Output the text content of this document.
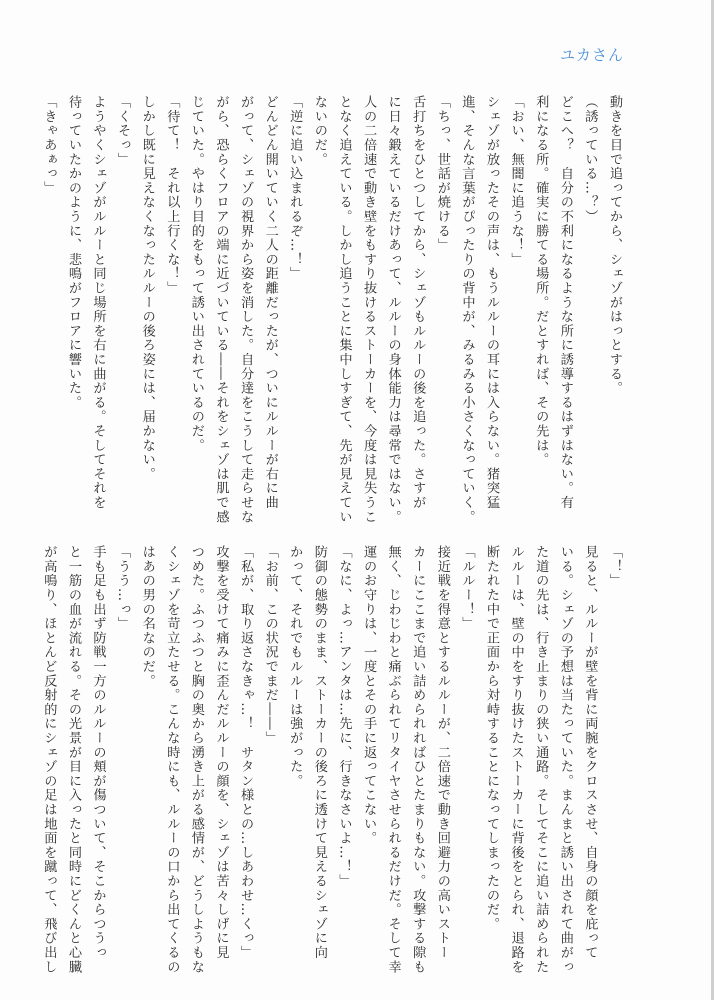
ユカさん
動きを目で追ってから、シェゾがはっとする。
（誘っている…？）
どこへ？　自分の不利になるような所に誘導するはずはない。有
利になる所。確実に勝てる場所。だとすれば、その先は。
「おい、無闇に追うな！」
シェゾが放ったその声は、もうルルーの耳には入らない。猪突猛
進、そんな言葉がぴったりの背中が、みるみる小さくなっていく。
「ちっ、世話が焼ける」
舌打ちをひとつしてから、シェゾもルルーの後を追った。さすが
に日々鍛えているだけあって、ルルーの身体能力は尋常ではない。
人の二倍速で動き壁をもすり抜けるストーカーを、今度は見失うこ
となく追えている。しかし追うことに集中しすぎて、先が見えてい
ないのだ。
「逆に追い込まれるぞ…！」
どんどん開いていく二人の距離だったが、ついにルルーが右に曲
がって、シェゾの視界から姿を消した。自分達をこうして走らせな
がら、恐らくフロアの端に近づいている――それをシェゾは肌で感
じていた。やはり目的をもって誘い出されているのだ。
「待て！　それ以上行くな！」
しかし既に見えなくなったルルーの後ろ姿には、届かない。
「くそっ」
ようやくシェゾがルルーと同じ場所を右に曲がる。そしてそれを
待っていたかのように、悲鳴がフロアに響いた。
「きゃあぁっ」
「！」
見ると、ルルーが壁を背に両腕をクロスさせ、自身の顔を庇って
いる。シェゾの予想は当たっていた。まんまと誘い出されて曲がっ
た道の先は、行き止まりの狭い通路。そしてそこに追い詰められた
ルルーは、壁の中をすり抜けたストーカーに背後をとられ、退路を
断たれた中で正面から対峙することになってしまったのだ。
「ルルー！」
接近戦を得意とするルルーが、二倍速で動き回避力の高いストー
カーにここまで追い詰められればひとたまりもない。攻撃する隙も
無く、じわじわと痛ぶられてリタイヤさせられるだけだ。そして幸
運のお守りは、一度とその手に返ってこない。
「なに、よっ…アンタは…先に、行きなさいよ…！」
防御の態勢のまま、ストーカーの後ろに透けて見えるシェゾに向
かって、それでもルルーは強がった。
「お前、この状況でまだ――」
「私が、取り返さなきゃ…！　サタン様との…しあわせ…くっ」
攻撃を受けて痛みに歪んだルルーの顔を、シェゾは苦々しげに見
つめた。ふつふつと胸の奥から湧き上がる感情が、どうしようもな
くシェゾを苛立たせる。こんな時にも、ルルーの口から出てくるの
はあの男の名なのだ。
「うう…っ」
手も足も出ず防戦一方のルルーの頬が傷ついて、そこからつうっ
と一筋の血が流れる。その光景が目に入ったと同時にどくんと心臓
が高鳴り、ほとんど反射的にシェゾの足は地面を蹴って、飛び出し
